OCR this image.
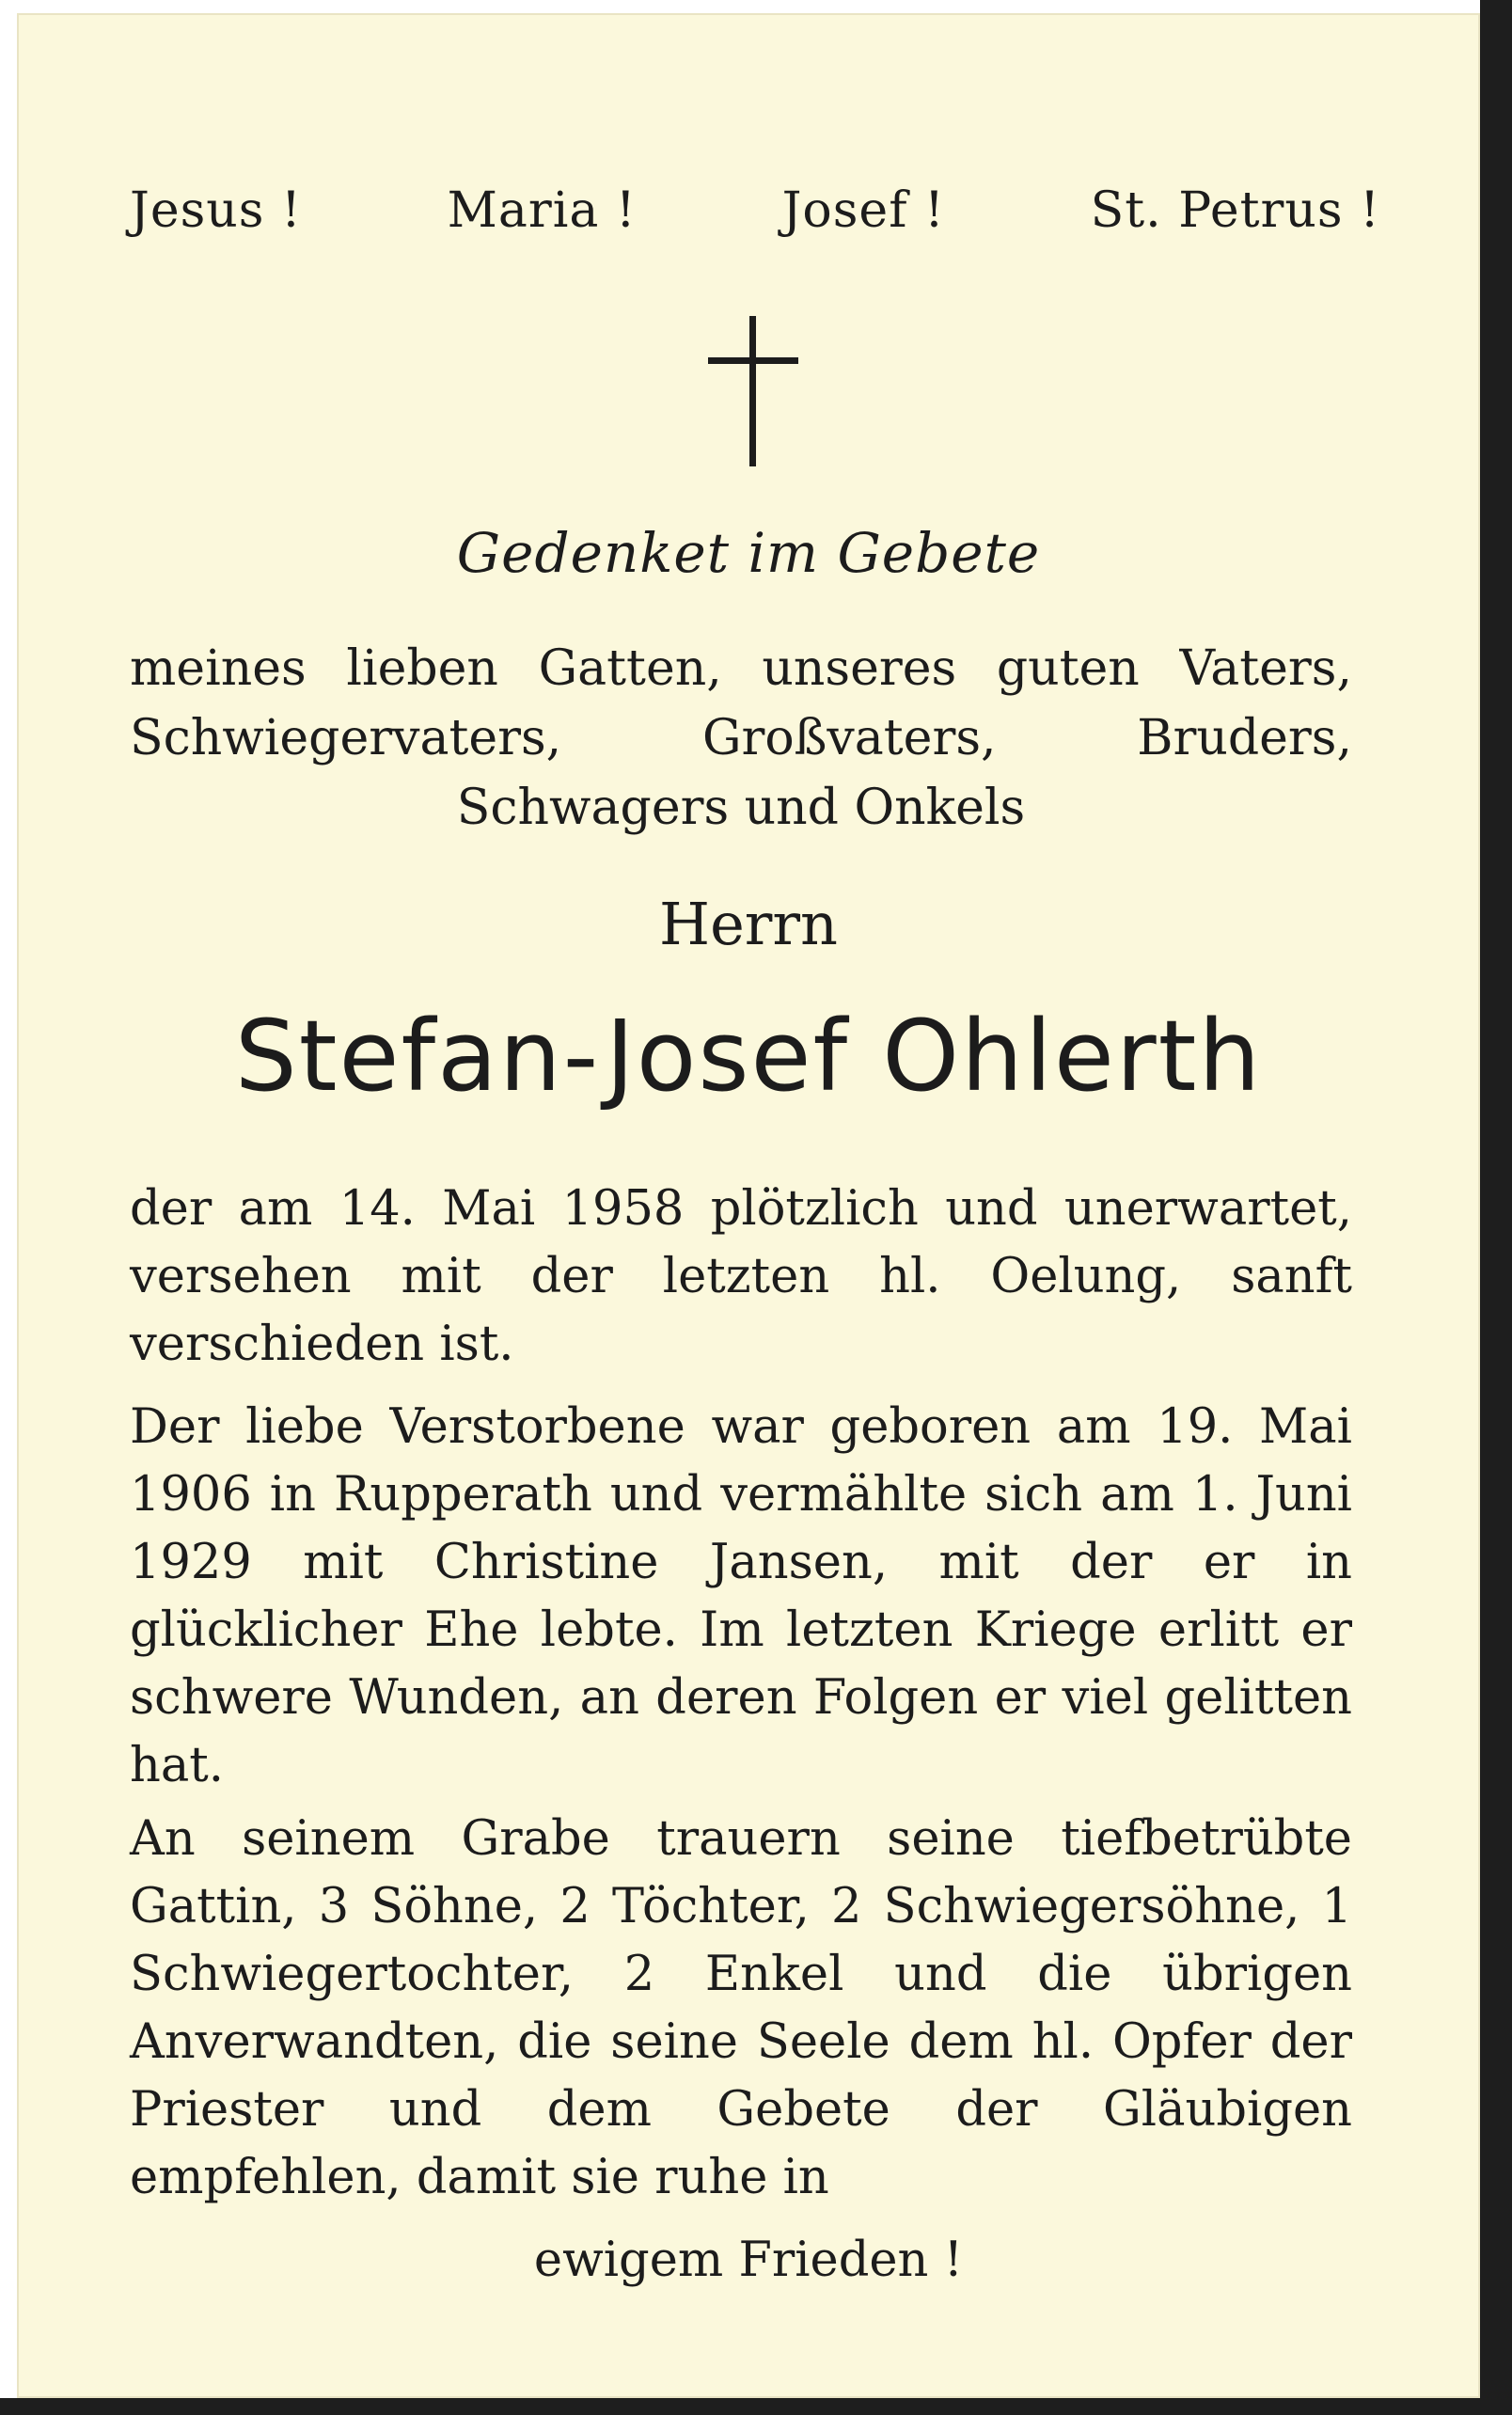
Jesus !	Maria !	Josef !	St. Petrus !
Gedenket im Gebete
meines lieben Gatten, unseres guten Vaters, Schwiegervaters, Großvaters, Bruders, Schwagers und Onkels
Herrn
Stefan-Josef Ohlerth
der am 14. Mai 1958 plötzlich und unerwartet, versehen mit der letzten hl. Oelung, sanft verschieden ist.
Der liebe Verstorbene war geboren am 19. Mai 1906 in Rupperath und vermählte sich am 1. Juni 1929 mit Christine Jansen, mit der er in glücklicher Ehe lebte. Im letzten Kriege erlitt er schwere Wunden, an deren Folgen er viel gelitten hat.
An seinem Grabe trauern seine tiefbetrübte Gattin, 3 Söhne, 2 Töchter, 2 Schwiegersöhne, 1 Schwiegertochter, 2 Enkel und die übrigen Anverwandten, die seine Seele dem hl. Opfer der Priester und dem Gebete der Gläubigen empfehlen, damit sie ruhe in
ewigem Frieden !
